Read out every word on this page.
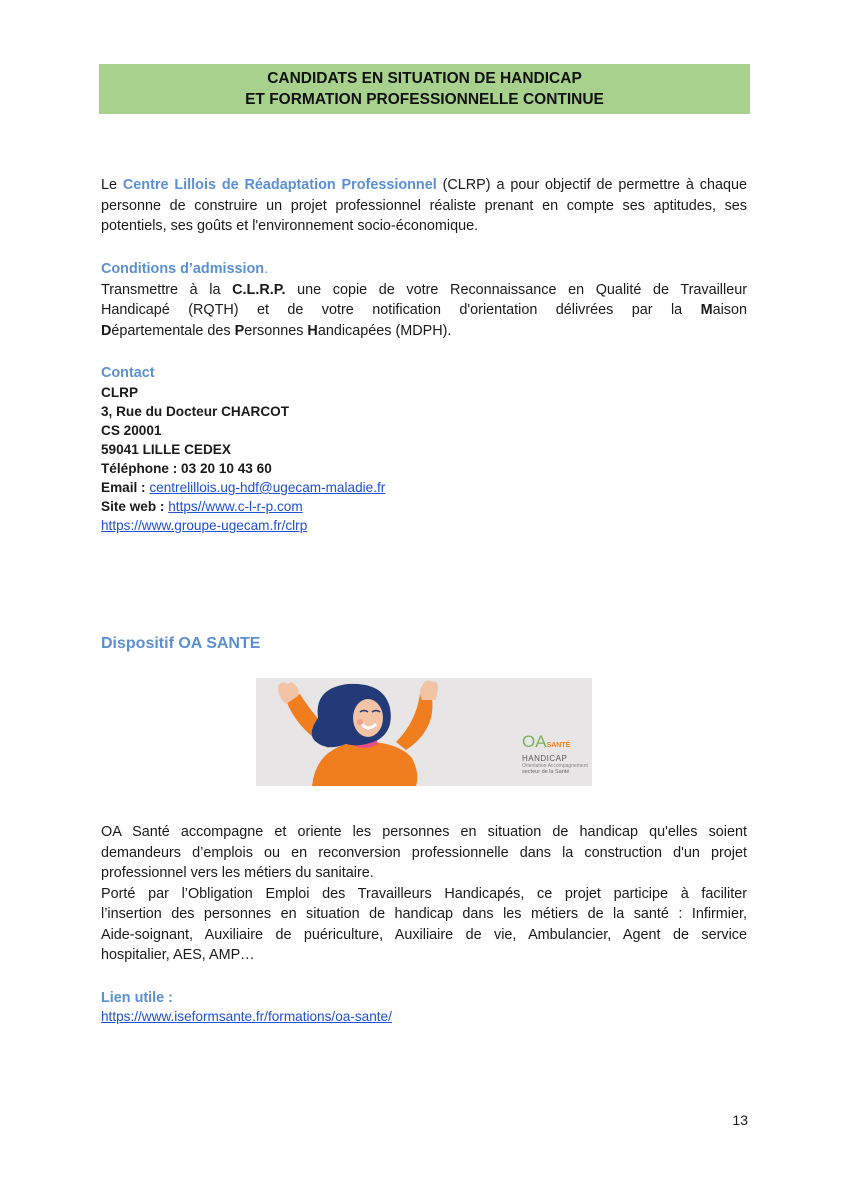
CANDIDATS EN SITUATION DE HANDICAP
ET FORMATION PROFESSIONNELLE CONTINUE
Le Centre Lillois de Réadaptation Professionnel (CLRP) a pour objectif de permettre à chaque
personne de construire un projet professionnel réaliste prenant en compte ses aptitudes, ses
potentiels, ses goûts et l'environnement socio-économique.
Conditions d’admission.
Transmettre à la C.L.R.P. une copie de votre Reconnaissance en Qualité de Travailleur
Handicapé (RQTH) et de votre notification d'orientation délivrées par la Maison
Départementale des Personnes Handicapées (MDPH).
Contact
CLRP
3, Rue du Docteur CHARCOT
CS 20001
59041 LILLE CEDEX
Téléphone : 03 20 10 43 60
Email : centrelillois.ug-hdf@ugecam-maladie.fr
Site web : https//www.c-l-r-p.com
https://www.groupe-ugecam.fr/clrp
Dispositif OA SANTE
OASANTÉ
HANDICAP
Orientation Accompagnement
secteur de la Santé
OA Santé accompagne et oriente les personnes en situation de handicap qu'elles soient
demandeurs d’emplois ou en reconversion professionnelle dans la construction d'un projet
professionnel vers les métiers du sanitaire.
Porté par l’Obligation Emploi des Travailleurs Handicapés, ce projet participe à faciliter
l’insertion des personnes en situation de handicap dans les métiers de la santé : Infirmier,
Aide-soignant, Auxiliaire de puériculture, Auxiliaire de vie, Ambulancier, Agent de service
hospitalier, AES, AMP…
Lien utile :
https://www.iseformsante.fr/formations/oa-sante/
13
